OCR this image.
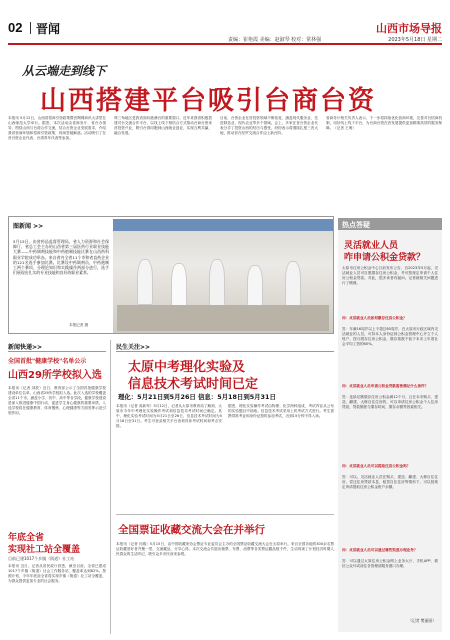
02 晋闻	山西市场导报
责编：崔艳霞 美编：赵淑琴 校对：常林强	2023年5月18日 星期二
从云端走到线下
山西搭建平台吸引台商台资
本报讯 5月12日，山西省招商引资政策暨晋陶网商讯大讲堂在山西师范大学举行。据悉，本次活动由省商务厅、省台办指导，围绕山西与台湾合作交流，结合台资企业发展需求，介绍我省营商环境和招商引资政策，现场答疑解惑。活动吸引了在晋台资企业代表、台湾青年代表等参加。
珠三角地区是我省面向港澳台的重要窗口，近年来我省积极搭建对台交流合作平台，以线上线下相结合方式推动台商台资来晋投资兴业，吸引台湾同胞到山西就业创业，实现互利共赢、融合发展。
目前，台资企业在晋投资领域不断拓宽，涵盖现代服务业、先进制造业、现代农业等多个领域。会上，多家在晋台资企业代表分享了投资山西的经历与感受，纷纷表示将继续扎根三晋大地，推动晋台经贸交流合作迈上新台阶。
省商务厅相关负责人表示，下一步将持续优化营商环境，完善对台招商机制，用好线上线下平台，为台商台资在晋发展提供更加精准高效的服务保障。（记者 王萌）
图新闻 >>
5月15日，由省药品监督管理局、省人力资源和社会保障厅、省总工会主办的山西省第三届医药行业职业技能大赛——中药调剂技能和中药炮制技能比赛在山西药科职业学院成功举办。来自省内全省11个市和省直药企业的121名选手参加比赛。比赛设中药调剂员、中药炮制工两个赛项，分理论知识和实践操作两部分进行，选手们展现出扎实的专业技能和良好的职业素养。
本报记者 摄
热点答疑
灵活就业人员
咋申请公积金贷款？
太原市住房公积金中心日前发布公告，自2023年5月起，灵活就业人员可自愿缴存住房公积金，并可按规定申请个人住房公积金贷款。对此，很多读者有疑问。记者就相关问题进行了梳理。
问：灵活就业人员如何缴存住房公积金？
答：年满16周岁以上不超过60周岁，在太原市行政区域内灵活就业的人员，可持本人身份证到公积金管理中心开立个人账户，按月缴存住房公积金，缴存基数不低于本市上年度社会平均工资的60%。
问：灵活就业人员申请公积金贷款需要满足什么条件？
答：连续足额缴存住房公积金满12个月，且在本市购买、建造、翻建、大修自住住房的，可以申请住房公积金个人住房贷款，贷款额度与缴存时间、缴存余额等因素相关。
问：灵活就业人员可以提取住房公积金吗？
答：可以。灵活就业人员在购买、建造、翻建、大修自住住房，偿还住房贷款本息，租赁自住住房等情形下，可以按规定申请提取住房公积金账户余额。
问：灵活就业人员可以通过哪些渠道办理业务？
答：可以通过太原住房公积金网上业务大厅、手机APP、微信公众号或前往各管理部服务窗口办理。
（记者 樊丽丽）
新闻快递>>
全国首批"健康学校"名单公示
山西29所学校拟入选
本报讯（记者 刘波）近日，教育部公示了全国首批健康学校建设单位名单，山西省29所学校拟入选。此次入选的学校覆盖全省11个市，涵盖小学、初中、高中等各学段。健康学校建设是深入推进健康中国行动、促进学生身心健康的重要举措，入选学校将在健康教育、体育锻炼、心理健康等方面发挥示范引领作用。
年底全省
实现社工站全覆盖
目前已建1017个乡镇（街道）社工站
本报讯 近日，记者从省民政厅获悉，截至目前，全省已建成1017个乡镇（街道）社会工作服务站，覆盖率达到82%。按照计划，今年年底前全省将实现乡镇（街道）社工站全覆盖，为群众提供更加专业的社会服务。
民生关注>>
太原中考理化实验及
信息技术考试时间已定
理化：5月21日到5月26日 信息：5月18日到5月31日
本报讯（记者 高新军）5月12日，记者从太原市教育局了解到，太原市今年中考理化实验操作考试和信息技术考试时间已确定。其中，理化实验考试时间为5月21日至26日，信息技术考试时间为5月18日至31日。考生可登录相关平台查询具体考试时间和考点安排。
据悉，理化实验操作考试由物理、化学两科组成，考试内容从公布的实验题目中抽取。信息技术考试采用上机考试方式进行。考生需携带准考证和身份证按时参加考试，迟到15分钟不得入场。
全国票证收藏交流大会在并举行
本报讯（记者 闫瑞）5月15日，由中国收藏家协会票证专业委员会主办的全国票证收藏交流大会在太原举行。来自全国各地的300余名票证收藏爱好者齐聚一堂，交流藏品、分享心得。本次交流会共展出粮票、布票、油票等各类票证藏品数千件，生动再现了计划经济时期人民群众的生活印记，吸引众多市民前来参观。
